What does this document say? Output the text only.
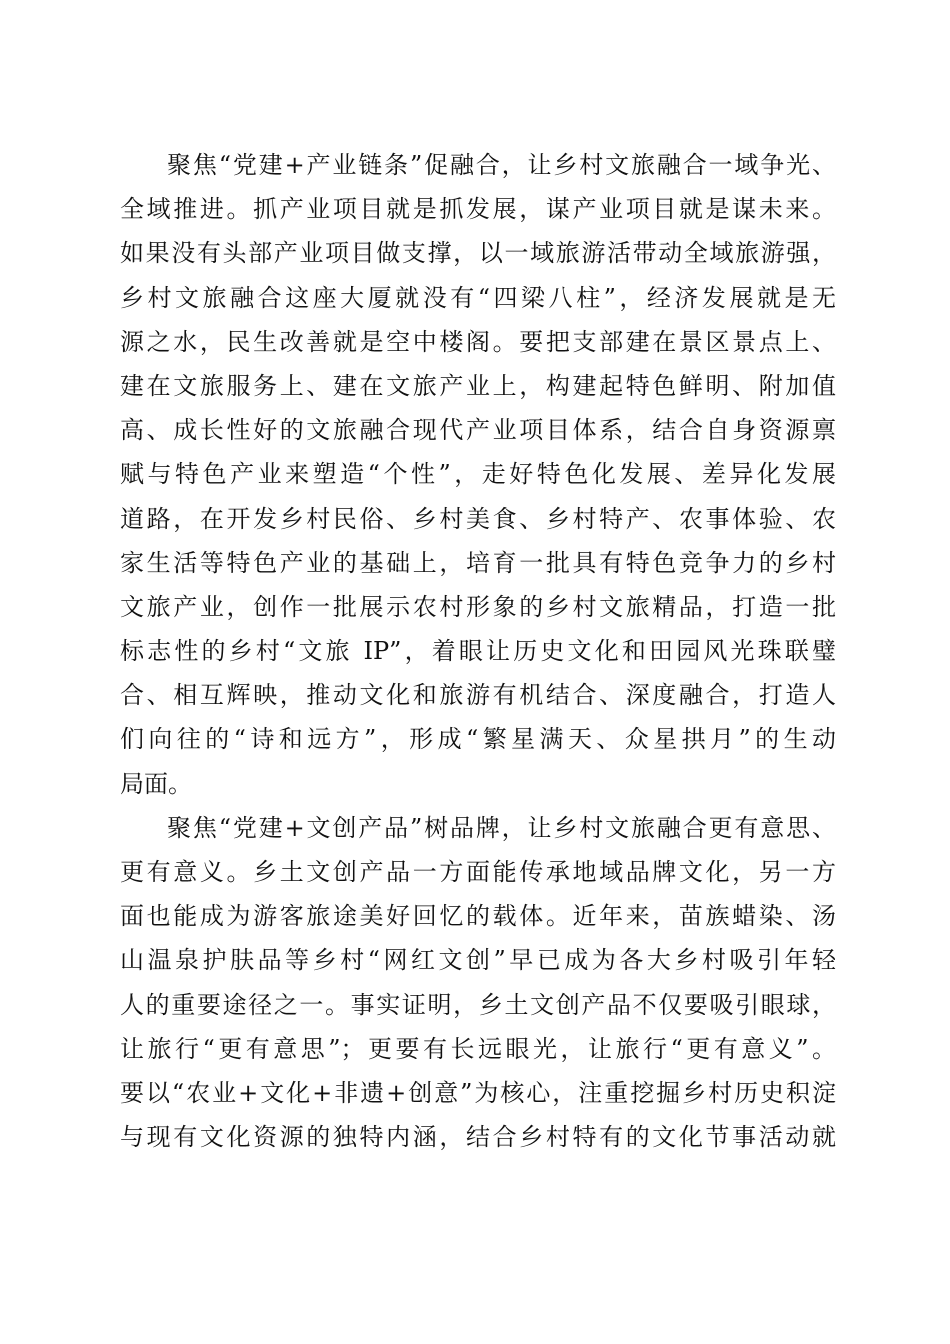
聚焦“党建+产业链条”促融合，让乡村文旅融合一域争光、
全域推进。抓产业项目就是抓发展，谋产业项目就是谋未来。
如果没有头部产业项目做支撑，以一域旅游活带动全域旅游强，
乡村文旅融合这座大厦就没有“四梁八柱”，经济发展就是无
源之水，民生改善就是空中楼阁。要把支部建在景区景点上、
建在文旅服务上、建在文旅产业上，构建起特色鲜明、附加值
高、成长性好的文旅融合现代产业项目体系，结合自身资源禀
赋与特色产业来塑造“个性”，走好特色化发展、差异化发展
道路，在开发乡村民俗、乡村美食、乡村特产、农事体验、农
家生活等特色产业的基础上，培育一批具有特色竞争力的乡村
文旅产业，创作一批展示农村形象的乡村文旅精品，打造一批
标志性的乡村“文旅 IP”，着眼让历史文化和田园风光珠联璧
合、相互辉映，推动文化和旅游有机结合、深度融合，打造人
们向往的“诗和远方”，形成“繁星满天、众星拱月”的生动
局面。
聚焦“党建+文创产品”树品牌，让乡村文旅融合更有意思、
更有意义。乡土文创产品一方面能传承地域品牌文化，另一方
面也能成为游客旅途美好回忆的载体。近年来，苗族蜡染、汤
山温泉护肤品等乡村“网红文创”早已成为各大乡村吸引年轻
人的重要途径之一。事实证明，乡土文创产品不仅要吸引眼球，
让旅行“更有意思”；更要有长远眼光，让旅行“更有意义”。
要以“农业+文化+非遗+创意”为核心，注重挖掘乡村历史积淀
与现有文化资源的独特内涵，结合乡村特有的文化节事活动就
